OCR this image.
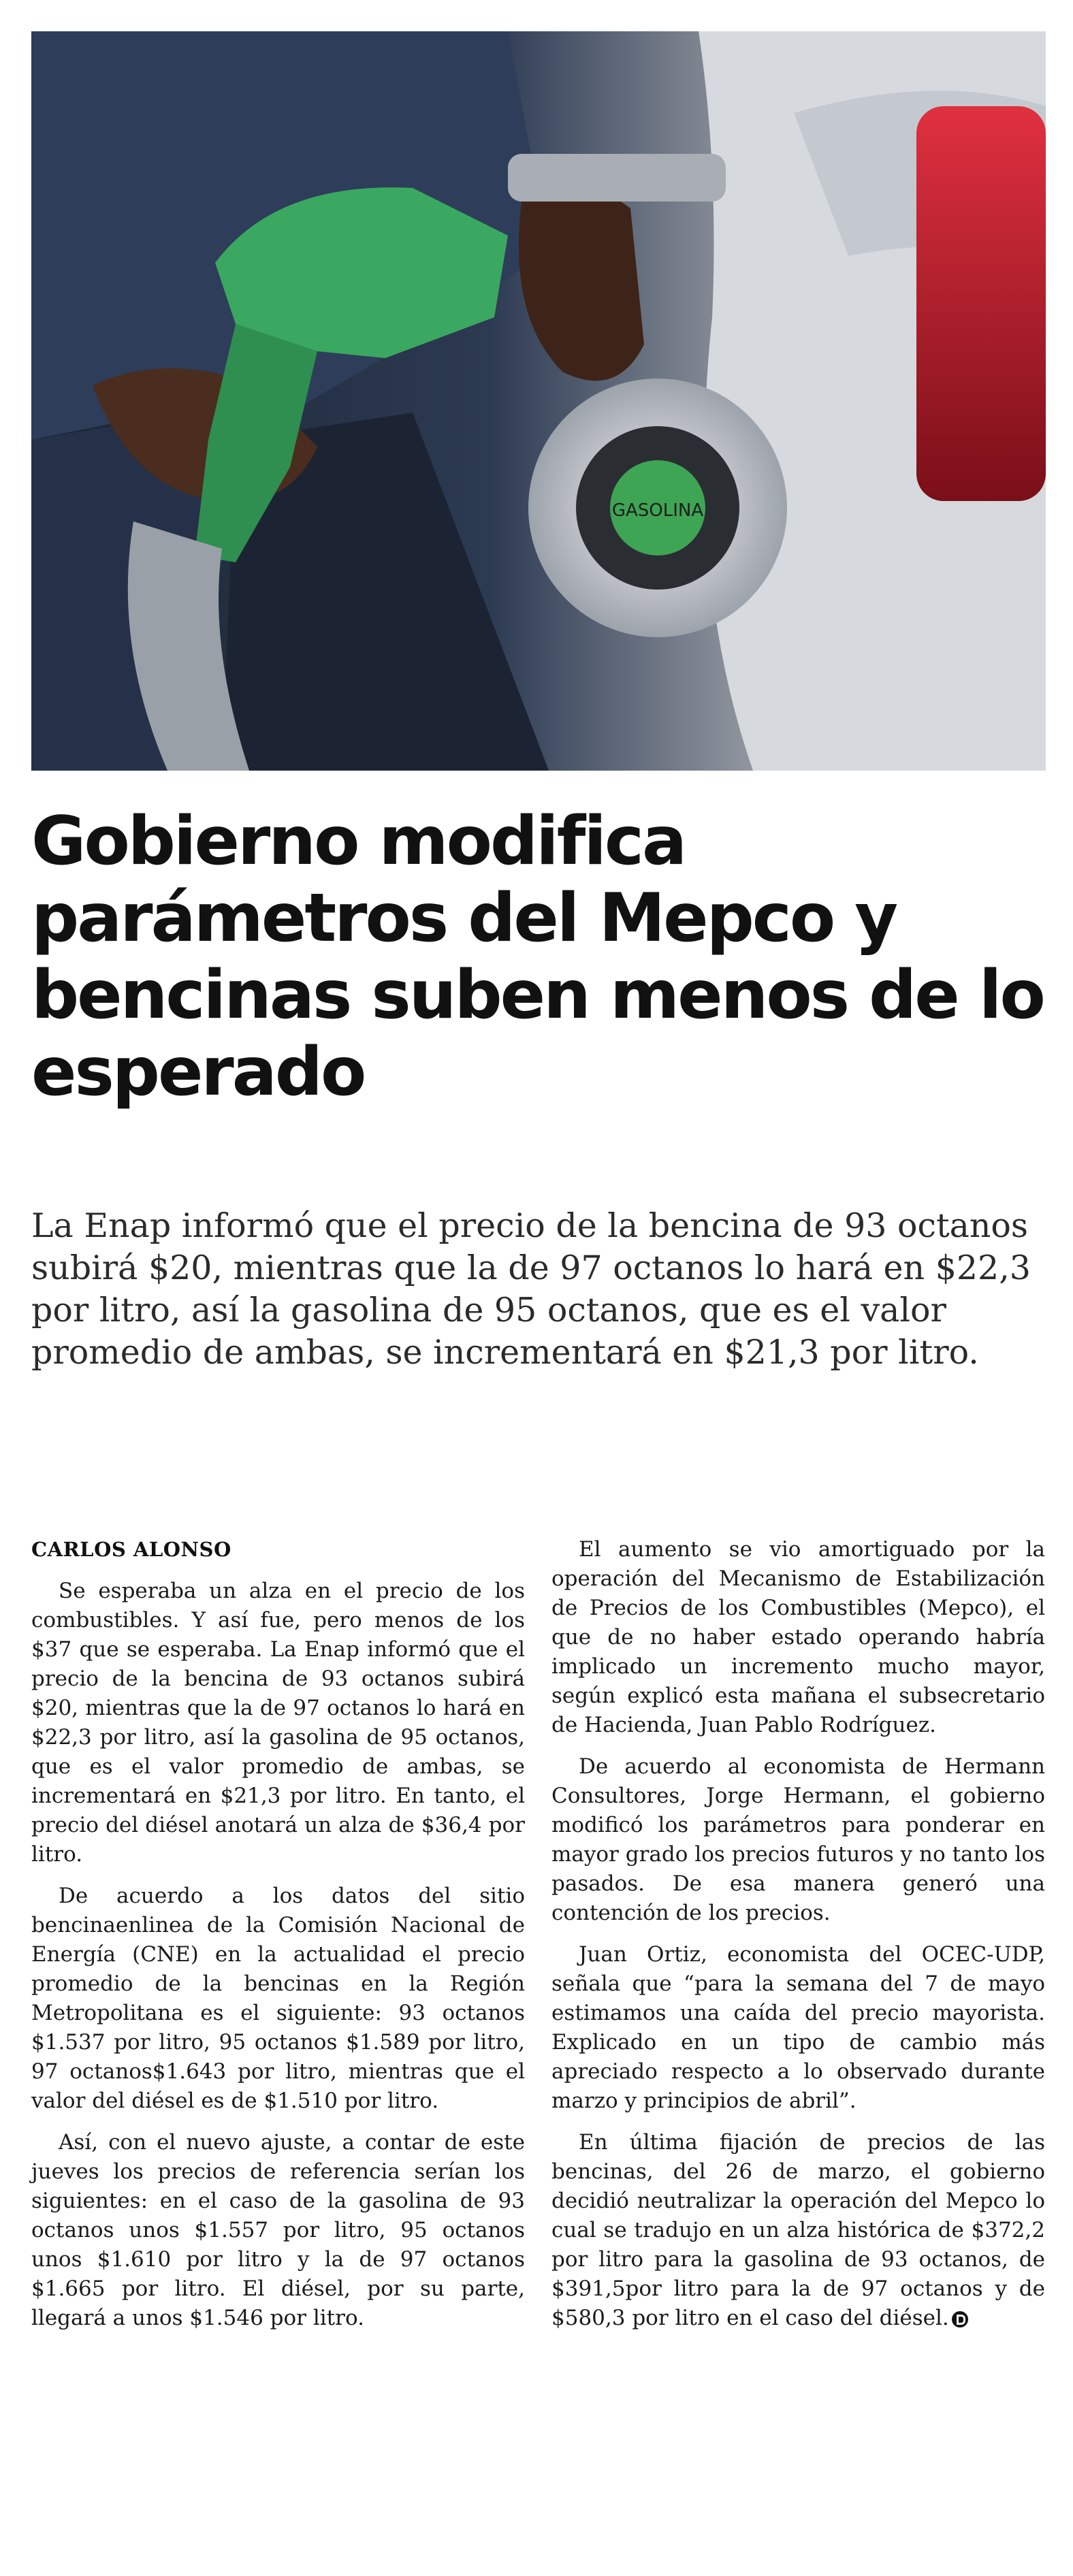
GASOLINA
Gobierno modifica parámetros del Mepco y bencinas suben menos de lo esperado

La Enap informó que el precio de la bencina de 93 octanos subirá $20, mientras que la de 97 octanos lo hará en $22,3 por litro, así la gasolina de 95 octanos, que es el valor promedio de ambas, se incrementará en $21,3 por litro.

CARLOS ALONSO

Se esperaba un alza en el precio de los combustibles. Y así fue, pero menos de los $37 que se esperaba. La Enap informó que el precio de la bencina de 93 octanos subirá $20, mientras que la de 97 octanos lo hará en $22,3 por litro, así la gasolina de 95 octanos, que es el valor promedio de ambas, se incrementará en $21,3 por litro. En tanto, el precio del diésel anotará un alza de $36,4 por litro.

De acuerdo a los datos del sitio bencinaenlinea de la Comisión Nacional de Energía (CNE) en la actualidad el precio promedio de la bencinas en la Región Metropolitana es el siguiente: 93 octanos $1.537 por litro, 95 octanos $1.589 por litro, 97 octanos$1.643 por litro, mientras que el valor del diésel es de $1.510 por litro.

Así, con el nuevo ajuste, a contar de este jueves los precios de referencia serían los siguientes: en el caso de la gasolina de 93 octanos unos $1.557 por litro, 95 octanos unos $1.610 por litro y la de 97 octanos $1.665 por litro. El diésel, por su parte, llegará a unos $1.546 por litro.

El aumento se vio amortiguado por la operación del Mecanismo de Estabilización de Precios de los Combustibles (Mepco), el que de no haber estado operando habría implicado un incremento mucho mayor, según explicó esta mañana el subsecretario de Hacienda, Juan Pablo Rodríguez.

De acuerdo al economista de Hermann Consultores, Jorge Hermann, el gobierno modificó los parámetros para ponderar en mayor grado los precios futuros y no tanto los pasados. De esa manera generó una contención de los precios.

Juan Ortiz, economista del OCEC-UDP, señala que “para la semana del 7 de mayo estimamos una caída del precio mayorista. Explicado en un tipo de cambio más apreciado respecto a lo observado durante marzo y principios de abril”.

En última fijación de precios de las bencinas, del 26 de marzo, el gobierno decidió neutralizar la operación del Mepco lo cual se tradujo en un alza histórica de $372,2 por litro para la gasolina de 93 octanos, de $391,5por litro para la de 97 octanos y de $580,3 por litro en el caso del diésel.
